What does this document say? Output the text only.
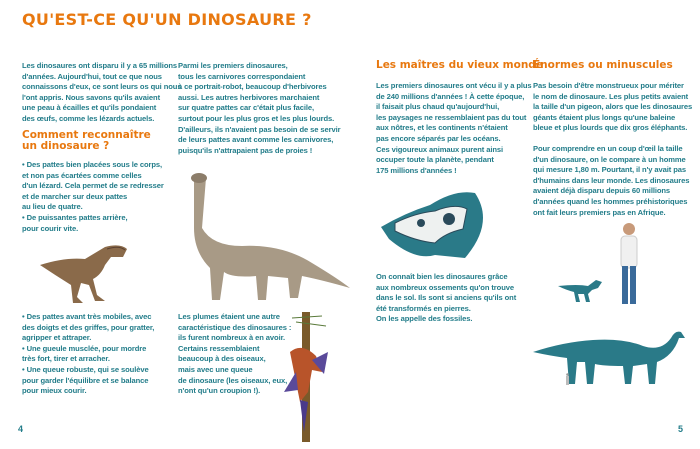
QU'EST-CE QU'UN DINOSAURE ?
Les dinosaures ont disparu il y a 65 millions
d'années. Aujourd'hui, tout ce que nous
connaissons d'eux, ce sont leurs os qui nous
l'ont appris. Nous savons qu'ils avaient
une peau à écailles et qu'ils pondaient
des œufs, comme les lézards actuels.
Comment reconnaître
un dinosaure ?
• Des pattes bien placées sous le corps,
et non pas écartées comme celles
d'un lézard. Cela permet de se redresser
et de marcher sur deux pattes
au lieu de quatre.
• De puissantes pattes arrière,
pour courir vite.
• Des pattes avant très mobiles, avec
des doigts et des griffes, pour gratter,
agripper et attraper.
• Une gueule musclée, pour mordre
très fort, tirer et arracher.
• Une queue robuste, qui se soulève
pour garder l'équilibre et se balance
pour mieux courir.
4
Parmi les premiers dinosaures,
tous les carnivores correspondaient
à ce portrait-robot, beaucoup d'herbivores
aussi. Les autres herbivores marchaient
sur quatre pattes car c'était plus facile,
surtout pour les plus gros et les plus lourds.
D'ailleurs, ils n'avaient pas besoin de se servir
de leurs pattes avant comme les carnivores,
puisqu'ils n'attrapaient pas de proies !
Les plumes étaient une autre
caractéristique des dinosaures :
ils furent nombreux à en avoir.
Certains ressemblaient
beaucoup à des oiseaux,
mais avec une queue
de dinosaure (les oiseaux, eux,
n'ont qu'un croupion !).
Les maîtres du vieux monde
Les premiers dinosaures ont vécu il y a plus
de 240 millions d'années ! À cette époque,
il faisait plus chaud qu'aujourd'hui,
les paysages ne ressemblaient pas du tout
aux nôtres, et les continents n'étaient
pas encore séparés par les océans.
Ces vigoureux animaux purent ainsi
occuper toute la planète, pendant
175 millions d'années !
On connaît bien les dinosaures grâce
aux nombreux ossements qu'on trouve
dans le sol. Ils sont si anciens qu'ils ont
été transformés en pierres.
On les appelle des fossiles.
Énormes ou minuscules
Pas besoin d'être monstrueux pour mériter
le nom de dinosaure. Les plus petits avaient
la taille d'un pigeon, alors que les dinosaures
géants étaient plus longs qu'une baleine
bleue et plus lourds que dix gros éléphants.
Pour comprendre en un coup d'œil la taille
d'un dinosaure, on le compare à un homme
qui mesure 1,80 m. Pourtant, il n'y avait pas
d'humains dans leur monde. Les dinosaures
avaient déjà disparu depuis 60 millions
d'années quand les hommes préhistoriques
ont fait leurs premiers pas en Afrique.
5
